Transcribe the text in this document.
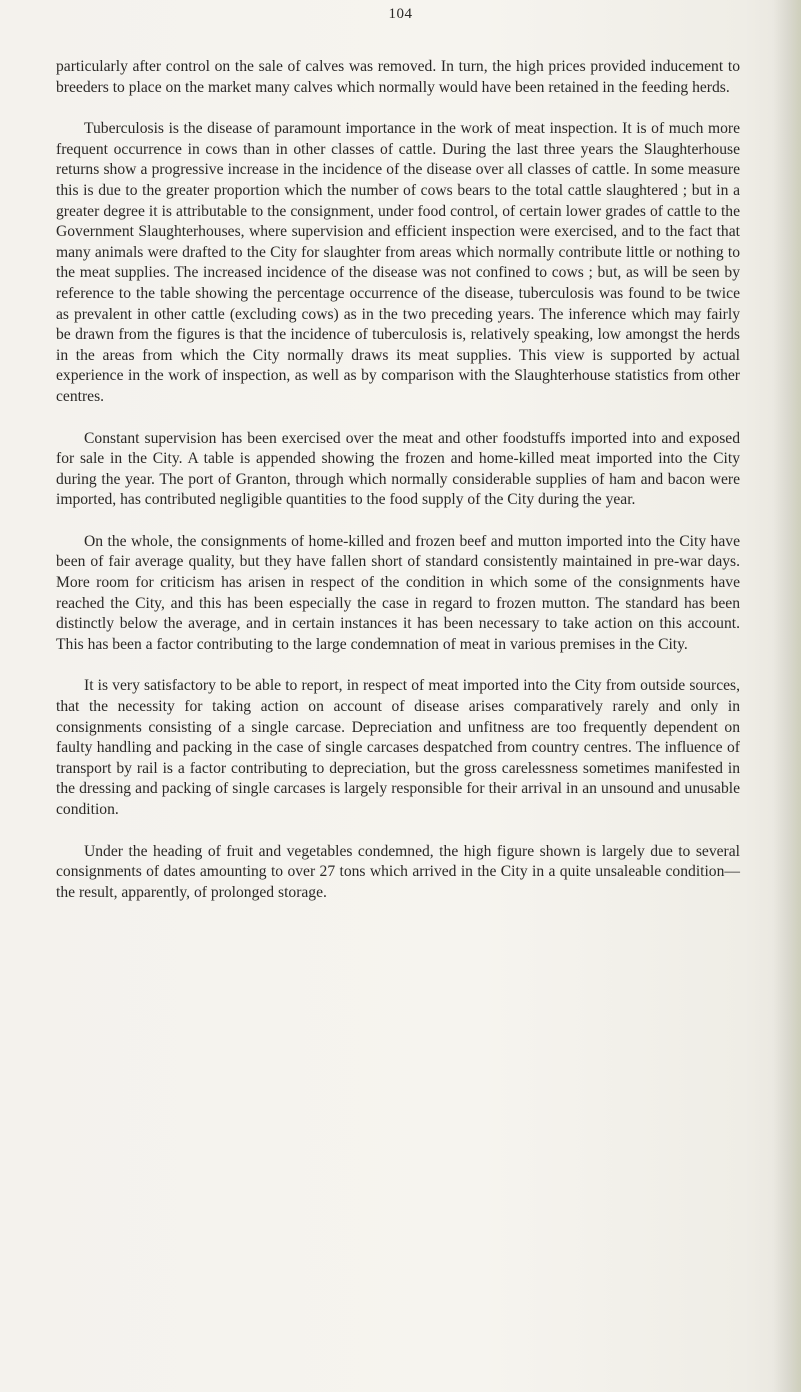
104

particularly after control on the sale of calves was removed. In turn, the high prices provided inducement to breeders to place on the market many calves which normally would have been retained in the feeding herds.

Tuberculosis is the disease of paramount importance in the work of meat inspection. It is of much more frequent occurrence in cows than in other classes of cattle. During the last three years the Slaughterhouse returns show a progressive increase in the incidence of the disease over all classes of cattle. In some measure this is due to the greater proportion which the number of cows bears to the total cattle slaughtered ; but in a greater degree it is attributable to the consignment, under food control, of certain lower grades of cattle to the Government Slaughterhouses, where supervision and efficient inspection were exercised, and to the fact that many animals were drafted to the City for slaughter from areas which normally contribute little or nothing to the meat supplies. The increased incidence of the disease was not confined to cows ; but, as will be seen by reference to the table showing the percentage occurrence of the disease, tuberculosis was found to be twice as prevalent in other cattle (excluding cows) as in the two preceding years. The inference which may fairly be drawn from the figures is that the incidence of tuberculosis is, relatively speaking, low amongst the herds in the areas from which the City normally draws its meat supplies. This view is supported by actual experience in the work of inspection, as well as by comparison with the Slaughterhouse statistics from other centres.

Constant supervision has been exercised over the meat and other foodstuffs imported into and exposed for sale in the City. A table is appended showing the frozen and home-killed meat imported into the City during the year. The port of Granton, through which normally considerable supplies of ham and bacon were imported, has contributed negligible quantities to the food supply of the City during the year.

On the whole, the consignments of home-killed and frozen beef and mutton imported into the City have been of fair average quality, but they have fallen short of standard consistently maintained in pre-war days. More room for criticism has arisen in respect of the condition in which some of the consignments have reached the City, and this has been especially the case in regard to frozen mutton. The standard has been distinctly below the average, and in certain instances it has been necessary to take action on this account. This has been a factor contributing to the large condemnation of meat in various premises in the City.

It is very satisfactory to be able to report, in respect of meat imported into the City from outside sources, that the necessity for taking action on account of disease arises comparatively rarely and only in consignments consisting of a single carcase. Depreciation and unfitness are too frequently dependent on faulty handling and packing in the case of single carcases despatched from country centres. The influence of transport by rail is a factor contributing to depreciation, but the gross carelessness sometimes manifested in the dressing and packing of single carcases is largely responsible for their arrival in an unsound and unusable condition.

Under the heading of fruit and vegetables condemned, the high figure shown is largely due to several consignments of dates amounting to over 27 tons which arrived in the City in a quite unsaleable condition—the result, apparently, of prolonged storage.
